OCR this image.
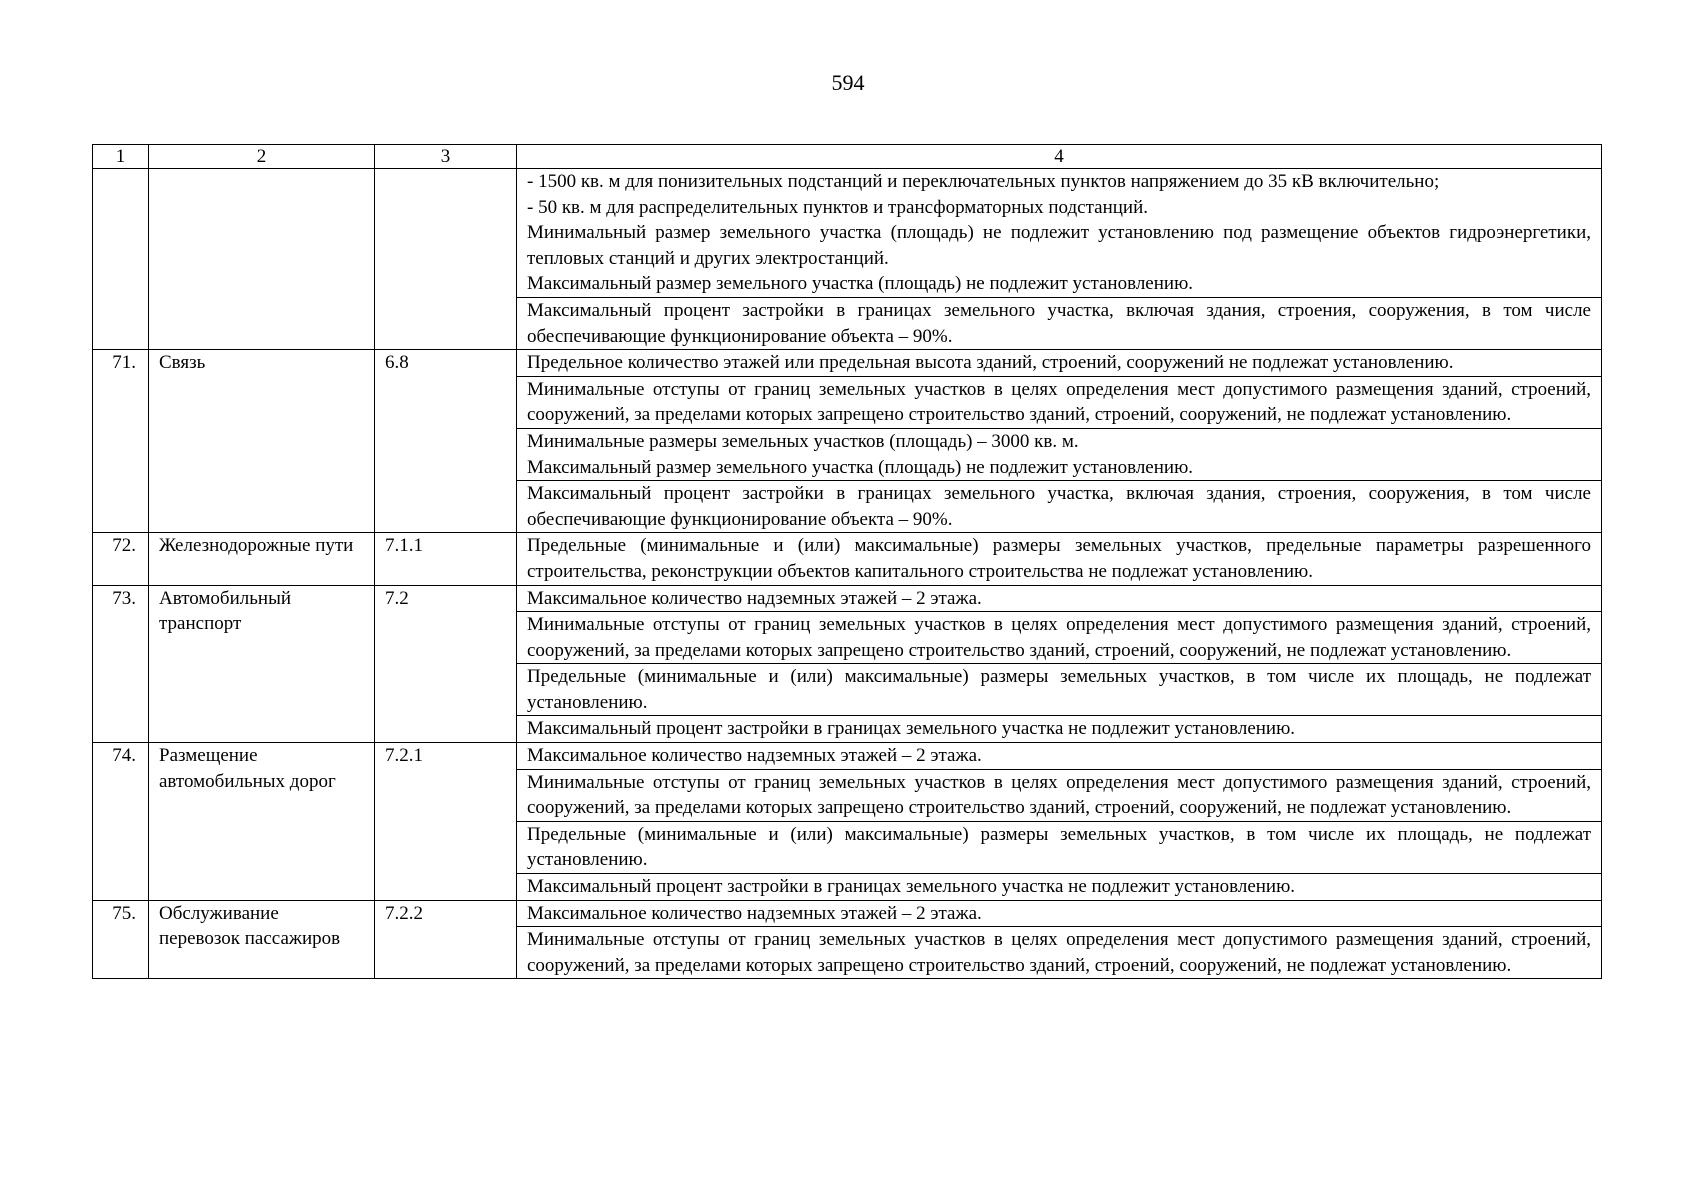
594
1	2	3	4

			- 1500 кв. м для понизительных подстанций и переключательных пунктов напряжением до 35 кВ включительно;
- 50 кв. м для распределительных пунктов и трансформаторных подстанций.
Минимальный размер земельного участка (площадь) не подлежит установлению под размещение объектов гидроэнергетики, тепловых станций и других электростанций.
Максимальный размер земельного участка (площадь) не подлежит установлению.

			Максимальный процент застройки в границах земельного участка, включая здания, строения, сооружения, в том числе обеспечивающие функционирование объекта – 90%.
71.	Связь	6.8	Предельное количество этажей или предельная высота зданий, строений, сооружений не подлежат установлению.
			Минимальные отступы от границ земельных участков в целях определения мест допустимого размещения зданий, строений, сооружений, за пределами которых запрещено строительство зданий, строений, сооружений, не подлежат установлению.

			Минимальные размеры земельных участков (площадь) – 3000 кв. м.
Максимальный размер земельного участка (площадь) не подлежит установлению.

			Максимальный процент застройки в границах земельного участка, включая здания, строения, сооружения, в том числе обеспечивающие функционирование объекта – 90%.
72.	Железнодорожные пути	7.1.1	Предельные (минимальные и (или) максимальные) размеры земельных участков, предельные параметры разрешенного строительства, реконструкции объектов капитального строительства не подлежат установлению.
73.	Автомобильный транспорт	7.2	Максимальное количество надземных этажей – 2 этажа.
			Минимальные отступы от границ земельных участков в целях определения мест допустимого размещения зданий, строений, сооружений, за пределами которых запрещено строительство зданий, строений, сооружений, не подлежат установлению.
			Предельные (минимальные и (или) максимальные) размеры земельных участков, в том числе их площадь, не подлежат установлению.
			Максимальный процент застройки в границах земельного участка не подлежит установлению.
74.	Размещение автомобильных дорог	7.2.1	Максимальное количество надземных этажей – 2 этажа.
			Минимальные отступы от границ земельных участков в целях определения мест допустимого размещения зданий, строений, сооружений, за пределами которых запрещено строительство зданий, строений, сооружений, не подлежат установлению.
			Предельные (минимальные и (или) максимальные) размеры земельных участков, в том числе их площадь, не подлежат установлению.
			Максимальный процент застройки в границах земельного участка не подлежит установлению.
75.	Обслуживание перевозок пассажиров	7.2.2	Максимальное количество надземных этажей – 2 этажа.
			Минимальные отступы от границ земельных участков в целях определения мест допустимого размещения зданий, строений, сооружений, за пределами которых запрещено строительство зданий, строений, сооружений, не подлежат установлению.
